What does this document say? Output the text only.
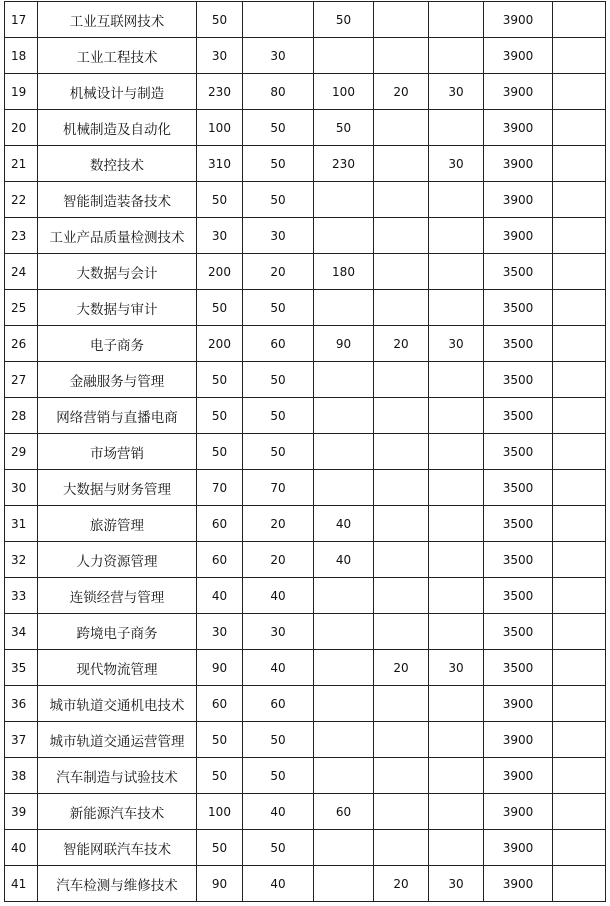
17	工业互联网技术	50		50			3900	
18	工业工程技术	30	30				3900	
19	机械设计与制造	230	80	100	20	30	3900	
20	机械制造及自动化	100	50	50			3900	
21	数控技术	310	50	230		30	3900	
22	智能制造装备技术	50	50				3900	
23	工业产品质量检测技术	30	30				3900	
24	大数据与会计	200	20	180			3500	
25	大数据与审计	50	50				3500	
26	电子商务	200	60	90	20	30	3500	
27	金融服务与管理	50	50				3500	
28	网络营销与直播电商	50	50				3500	
29	市场营销	50	50				3500	
30	大数据与财务管理	70	70				3500	
31	旅游管理	60	20	40			3500	
32	人力资源管理	60	20	40			3500	
33	连锁经营与管理	40	40				3500	
34	跨境电子商务	30	30				3500	
35	现代物流管理	90	40		20	30	3500	
36	城市轨道交通机电技术	60	60				3900	
37	城市轨道交通运营管理	50	50				3900	
38	汽车制造与试验技术	50	50				3900	
39	新能源汽车技术	100	40	60			3900	
40	智能网联汽车技术	50	50				3900	
41	汽车检测与维修技术	90	40		20	30	3900	
